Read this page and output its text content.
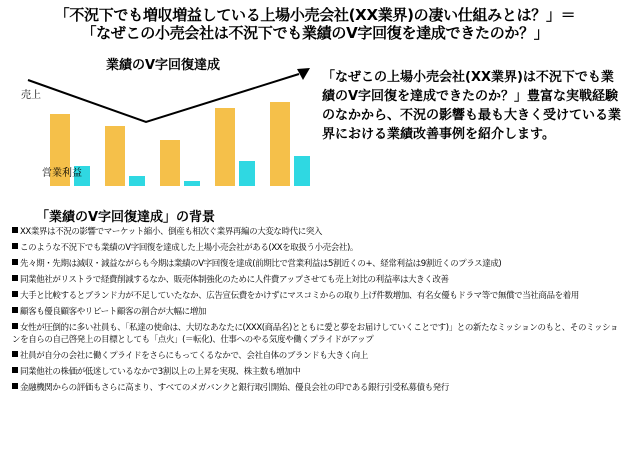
「不況下でも増収増益している上場小売会社(XX業界)の凄い仕組みとは？」＝
「なぜこの小売会社は不況下でも業績のV字回復を達成できたのか？」
業績のV字回復達成
売上
営業利益
「なぜこの上場小売会社(XX業界)は不況下でも業績のV字回復を達成できたのか？」豊富な実戦経験のなかから、不況の影響も最も大きく受けている業界における業績改善事例を紹介します。
「業績のV字回復達成」の背景
XX業界は不況の影響でマーケット縮小、倒産も相次ぐ業界再編の大変な時代に突入
このような不況下でも業績のV字回復を達成した上場小売会社がある(XXを取扱う小売会社)。
先々期・先期は減収・減益ながらも今期は業績のV字回復を達成(前期比で営業利益は5割近くの+、経常利益は9割近くのプラス達成)
同業他社がリストラで経費削減するなか、販売体制強化のために人件費アップさせても売上対比の利益率は大きく改善
大手と比較するとブランド力が不足していたなか、広告宣伝費をかけずにマスコミからの取り上げ件数増加、有名女優もドラマ等で無償で当社商品を着用
顧客も優良顧客やリピート顧客の割合が大幅に増加
女性が圧倒的に多い社員も、「私達の使命は、大切なあなたに(XXX(商品名)とともに愛と夢をお届けしていくことです)」との新たなミッションのもと、そのミッションを自らの自己啓発上の目標としても「点火」(＝転化)、仕事へのやる気度や働くプライドがアップ
社員が自分の会社に働くプライドをさらにもってくるなかで、会社自体のブランドも大きく向上
同業他社の株価が低迷しているなかで3割以上の上昇を実現、株主数も増加中
金融機関からの評価もさらに高まり、すべてのメガバンクと銀行取引開始、優良会社の印である銀行引受私募債も発行
